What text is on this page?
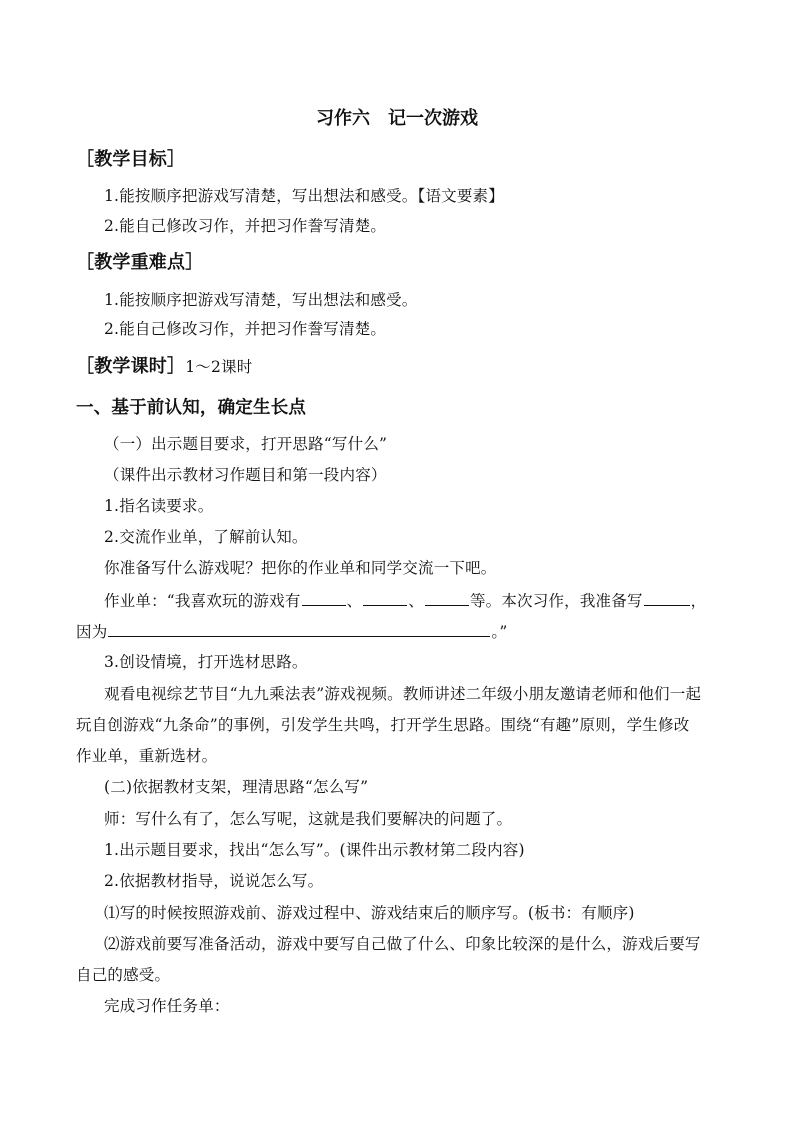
习作六 记一次游戏
［教学目标］
1.能按顺序把游戏写清楚，写出想法和感受。【语文要素】
2.能自己修改习作，并把习作誊写清楚。
［教学重难点］
1.能按顺序把游戏写清楚，写出想法和感受。
2.能自己修改习作，并把习作誊写清楚。
［教学课时］1～2课时
一、基于前认知，确定生长点
（一）出示题目要求，打开思路“写什么”
（课件出示教材习作题目和第一段内容）
1.指名读要求。
2.交流作业单，了解前认知。
你准备写什么游戏呢？把你的作业单和同学交流一下吧。
作业单：“我喜欢玩的游戏有	、	、	等。本次习作，我准备写	，
因为	。”
3.创设情境，打开选材思路。
观看电视综艺节目“九九乘法表”游戏视频。教师讲述二年级小朋友邀请老师和他们一起
玩自创游戏“九条命”的事例，引发学生共鸣，打开学生思路。围绕“有趣”原则，学生修改
作业单，重新选材。
(二)依据教材支架，理清思路“怎么写”
师：写什么有了，怎么写呢，这就是我们要解决的问题了。
1.出示题目要求，找出“怎么写”。(课件出示教材第二段内容)
2.依据教材指导，说说怎么写。
⑴写的时候按照游戏前、游戏过程中、游戏结束后的顺序写。(板书：有顺序)
⑵游戏前要写准备活动，游戏中要写自己做了什么、印象比较深的是什么，游戏后要写
自己的感受。
完成习作任务单：
